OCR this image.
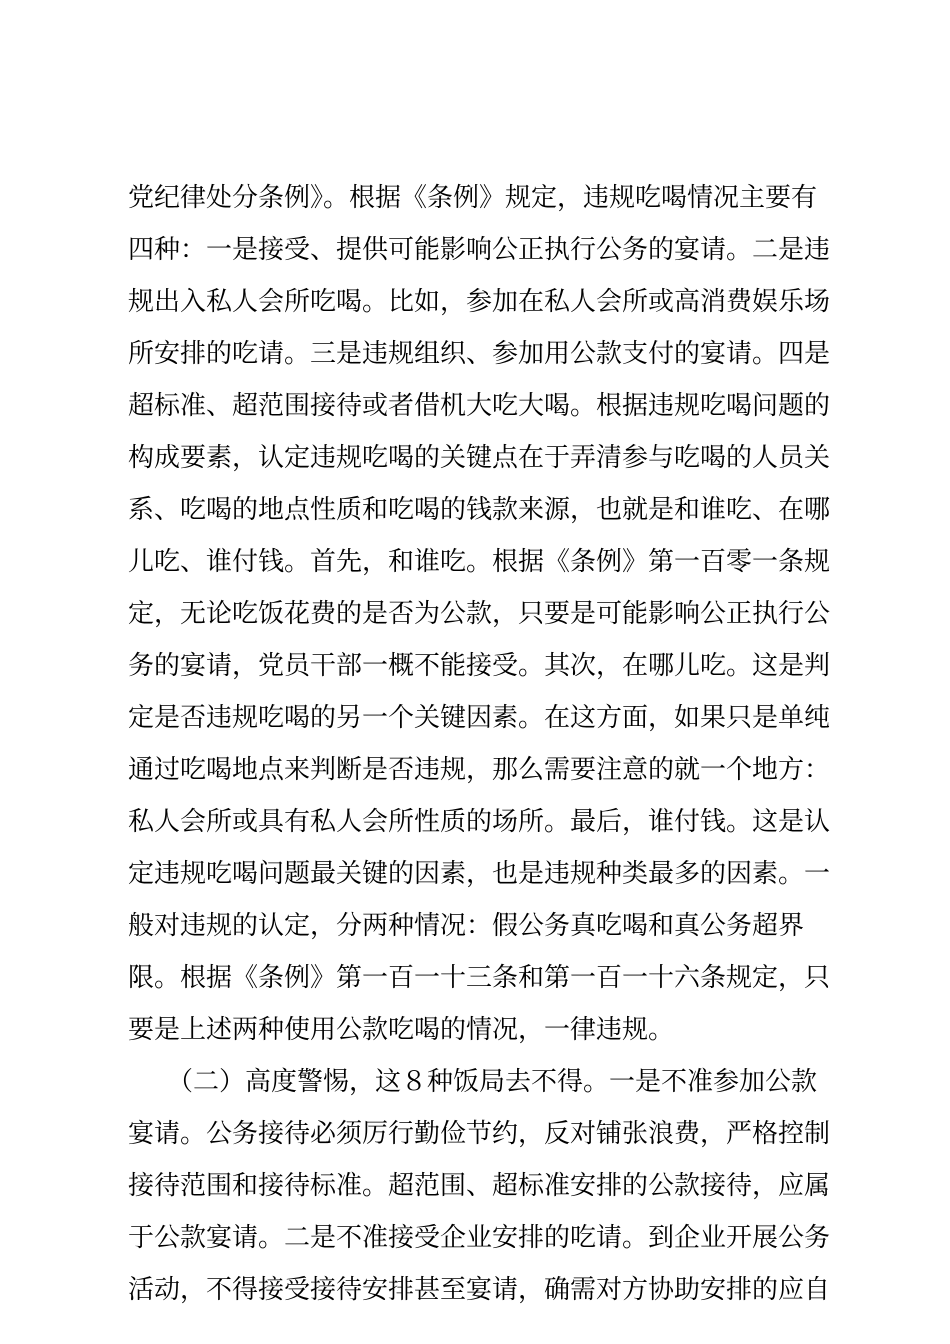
党纪律处分条例》。根据《条例》规定，违规吃喝情况主要有
四种：一是接受、提供可能影响公正执行公务的宴请。二是违
规出入私人会所吃喝。比如，参加在私人会所或高消费娱乐场
所安排的吃请。三是违规组织、参加用公款支付的宴请。四是
超标准、超范围接待或者借机大吃大喝。根据违规吃喝问题的
构成要素，认定违规吃喝的关键点在于弄清参与吃喝的人员关
系、吃喝的地点性质和吃喝的钱款来源，也就是和谁吃、在哪
儿吃、谁付钱。首先，和谁吃。根据《条例》第一百零一条规
定，无论吃饭花费的是否为公款，只要是可能影响公正执行公
务的宴请，党员干部一概不能接受。其次，在哪儿吃。这是判
定是否违规吃喝的另一个关键因素。在这方面，如果只是单纯
通过吃喝地点来判断是否违规，那么需要注意的就一个地方：
私人会所或具有私人会所性质的场所。最后，谁付钱。这是认
定违规吃喝问题最关键的因素，也是违规种类最多的因素。一
般对违规的认定，分两种情况：假公务真吃喝和真公务超界
限。根据《条例》第一百一十三条和第一百一十六条规定，只
要是上述两种使用公款吃喝的情况，一律违规。
　　（二）高度警惕，这８种饭局去不得。一是不准参加公款
宴请。公务接待必须厉行勤俭节约，反对铺张浪费，严格控制
接待范围和接待标准。超范围、超标准安排的公款接待，应属
于公款宴请。二是不准接受企业安排的吃请。到企业开展公务
活动，不得接受接待安排甚至宴请，确需对方协助安排的应自
